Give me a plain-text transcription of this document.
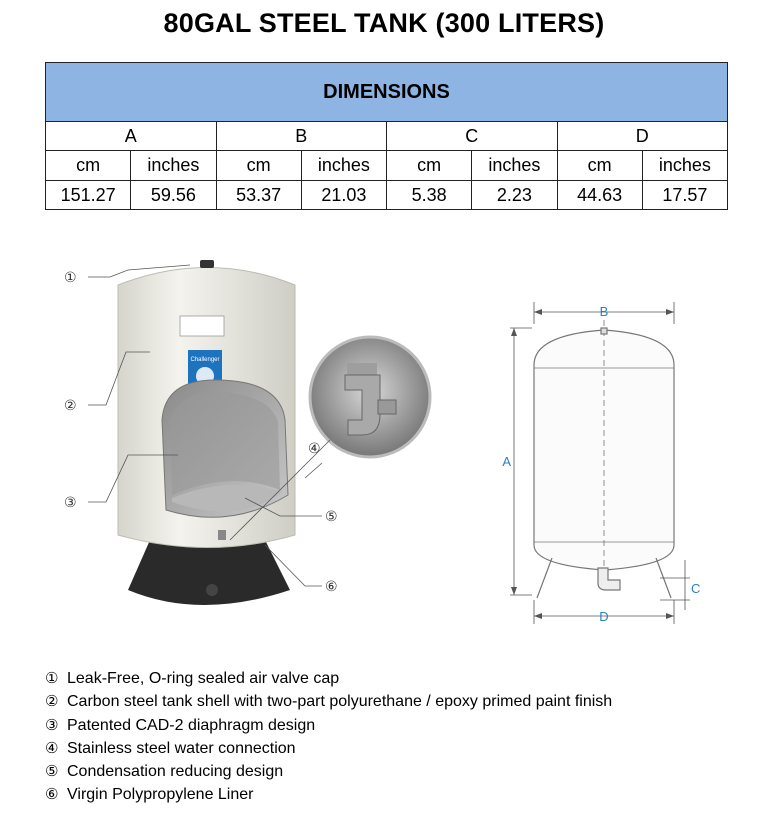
80GAL STEEL TANK (300 LITERS)
DIMENSIONS							
A		B		C		D	
cm	inches	cm	inches	cm	inches	cm	inches
151.27	59.56	53.37	21.03	5.38	2.23	44.63	17.57
Challenger
①
②
③
④
⑤
⑥
A
B
C
D
① Leak-Free, O-ring sealed air valve cap
② Carbon steel tank shell with two-part polyurethane / epoxy primed paint finish
③ Patented CAD-2 diaphragm design
④ Stainless steel water connection
⑤ Condensation reducing design
⑥ Virgin Polypropylene Liner
